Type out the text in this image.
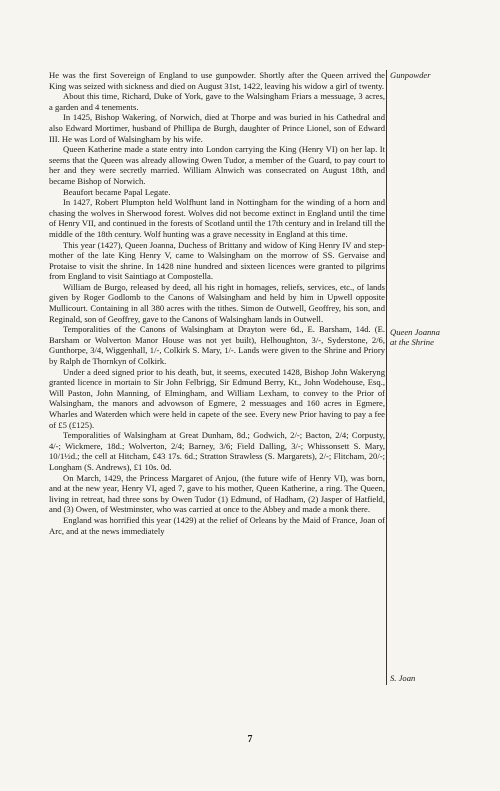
He was the first Sovereign of England to use gunpowder. Shortly after the Queen arrived the King was seized with sickness and died on August 31st, 1422, leaving his widow a girl of twenty.

About this time, Richard, Duke of York, gave to the Walsingham Friars a messuage, 3 acres, a garden and 4 tenements.

In 1425, Bishop Wakering, of Norwich, died at Thorpe and was buried in his Cathedral and also Edward Mortimer, husband of Phillipa de Burgh, daughter of Prince Lionel, son of Edward III. He was Lord of Walsingham by his wife.

Queen Katherine made a state entry into London carrying the King (Henry VI) on her lap. It seems that the Queen was already allowing Owen Tudor, a member of the Guard, to pay court to her and they were secretly married. William Alnwich was consecrated on August 18th, and became Bishop of Norwich.

Beaufort became Papal Legate.

In 1427, Robert Plumpton held Wolfhunt land in Nottingham for the winding of a horn and chasing the wolves in Sherwood forest. Wolves did not become extinct in England until the time of Henry VII, and continued in the forests of Scotland until the 17th century and in Ireland till the middle of the 18th century. Wolf hunting was a grave necessity in England at this time.

This year (1427), Queen Joanna, Duchess of Brittany and widow of King Henry IV and step-mother of the late King Henry V, came to Walsingham on the morrow of SS. Gervaise and Protaise to visit the shrine. In 1428 nine hundred and sixteen licences were granted to pilgrims from England to visit Saintiago at Compostella.

William de Burgo, released by deed, all his right in homages, reliefs, services, etc., of lands given by Roger Godlomb to the Canons of Walsingham and held by him in Upwell opposite Mullicourt. Containing in all 380 acres with the tithes. Simon de Outwell, Geoffrey, his son, and Reginald, son of Geoffrey, gave to the Canons of Walsingham lands in Outwell.

Temporalities of the Canons of Walsingham at Drayton were 6d., E. Barsham, 14d. (E. Barsham or Wolverton Manor House was not yet built), Helhoughton, 3/-, Syderstone, 2/6, Gunthorpe, 3/4, Wiggenhall, 1/-, Colkirk S. Mary, 1/-. Lands were given to the Shrine and Priory by Ralph de Thornkyn of Colkirk.

Under a deed signed prior to his death, but, it seems, executed 1428, Bishop John Wakeryng granted licence in mortain to Sir John Felbrigg, Sir Edmund Berry, Kt., John Wodehouse, Esq., Will Paston, John Manning, of Elmingham, and William Lexham, to convey to the Prior of Walsingham, the manors and advowson of Egmere, 2 messuages and 160 acres in Egmere, Wharles and Waterden which were held in capete of the see. Every new Prior having to pay a fee of £5 (£125).

Temporalities of Walsingham at Great Dunham, 8d.; Godwich, 2/-; Bacton, 2/4; Corpusty, 4/-; Wickmere, 18d.; Wolverton, 2/4; Barney, 3/6; Field Dalling, 3/-; Whissonsett S. Mary, 10/1½d.; the cell at Hitcham, £43 17s. 6d.; Stratton Strawless (S. Margarets), 2/-; Flitcham, 20/-; Longham (S. Andrews), £1 10s. 0d.

On March, 1429, the Princess Margaret of Anjou, (the future wife of Henry VI), was born, and at the new year, Henry VI, aged 7, gave to his mother, Queen Katherine, a ring. The Queen, living in retreat, had three sons by Owen Tudor (1) Edmund, of Hadham, (2) Jasper of Hatfield, and (3) Owen, of Westminster, who was carried at once to the Abbey and made a monk there.

England was horrified this year (1429) at the relief of Orleans by the Maid of France, Joan of Arc, and at the news immediately

Gunpowder
Queen Joanna
at the Shrine
S. Joan
7
